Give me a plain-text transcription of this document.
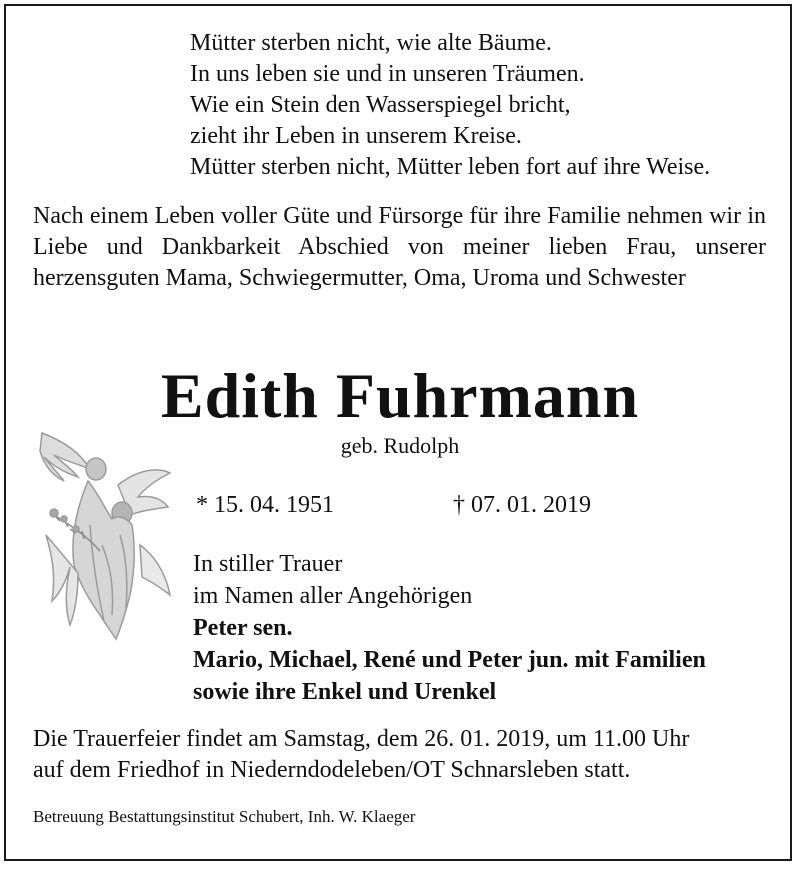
Mütter sterben nicht, wie alte Bäume.
In uns leben sie und in unseren Träumen.
Wie ein Stein den Wasserspiegel bricht,
zieht ihr Leben in unserem Kreise.
Mütter sterben nicht, Mütter leben fort auf ihre Weise.
Nach einem Leben voller Güte und Fürsorge für ihre Familie nehmen wir in Liebe und Dankbarkeit Abschied von meiner lieben Frau, unserer herzensguten Mama, Schwiegermutter, Oma, Uroma und Schwester
Edith Fuhrmann
geb. Rudolph
* 15. 04. 1951	† 07. 01. 2019
In stiller Trauer
im Namen aller Angehörigen
Peter sen.
Mario, Michael, René und Peter jun. mit Familien
sowie ihre Enkel und Urenkel
Die Trauerfeier findet am Samstag, dem 26. 01. 2019, um 11.00 Uhr
auf dem Friedhof in Niederndodeleben/OT Schnarsleben statt.
Betreuung Bestattungsinstitut Schubert, Inh. W. Klaeger
